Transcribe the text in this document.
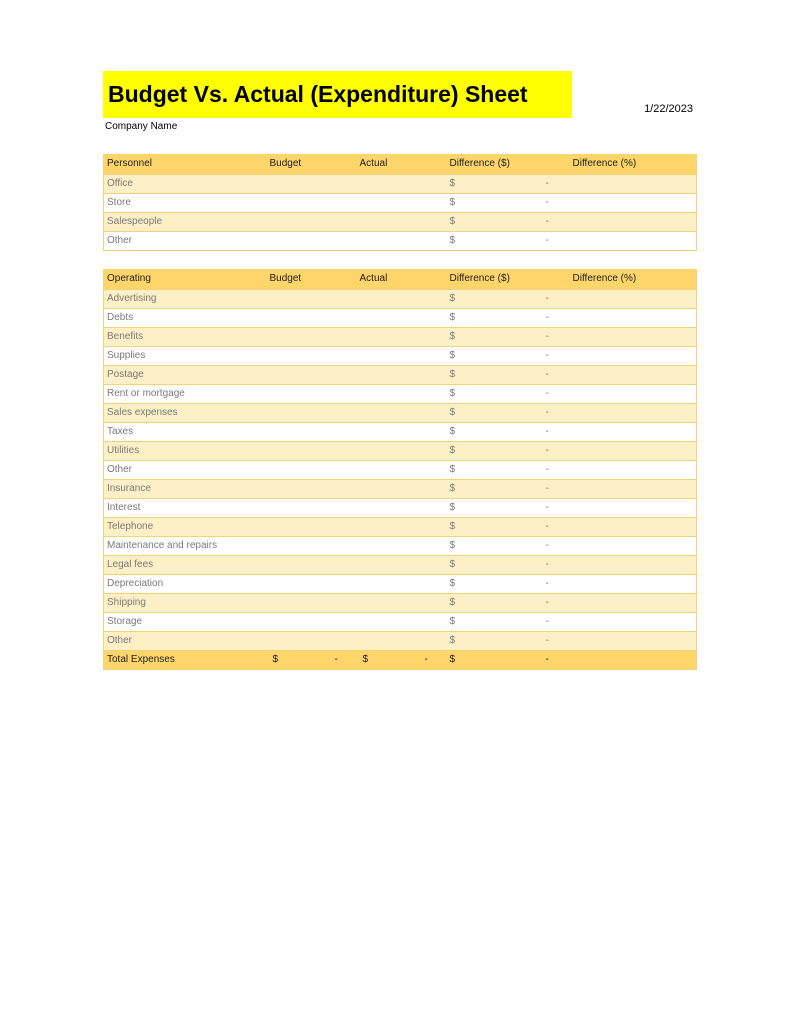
Budget Vs. Actual (Expenditure) Sheet
1/22/2023
Company Name
Personnel	Budget	Actual	Difference ($)	Difference (%)
Office			$ -	
Store			$ -	
Salespeople			$ -	
Other			$ -	
Operating	Budget	Actual	Difference ($)	Difference (%)
Advertising			$ -	
Debts			$ -	
Benefits			$ -	
Supplies			$ -	
Postage			$ -	
Rent or mortgage			$ -	
Sales expenses			$ -	
Taxes			$ -	
Utilities			$ -	
Other			$ -	
Insurance			$ -	
Interest			$ -	
Telephone			$ -	
Maintenance and repairs			$ -	
Legal fees			$ -	
Depreciation			$ -	
Shipping			$ -	
Storage			$ -	
Other			$ -	
Total Expenses	$ -	$ -	$ -	
